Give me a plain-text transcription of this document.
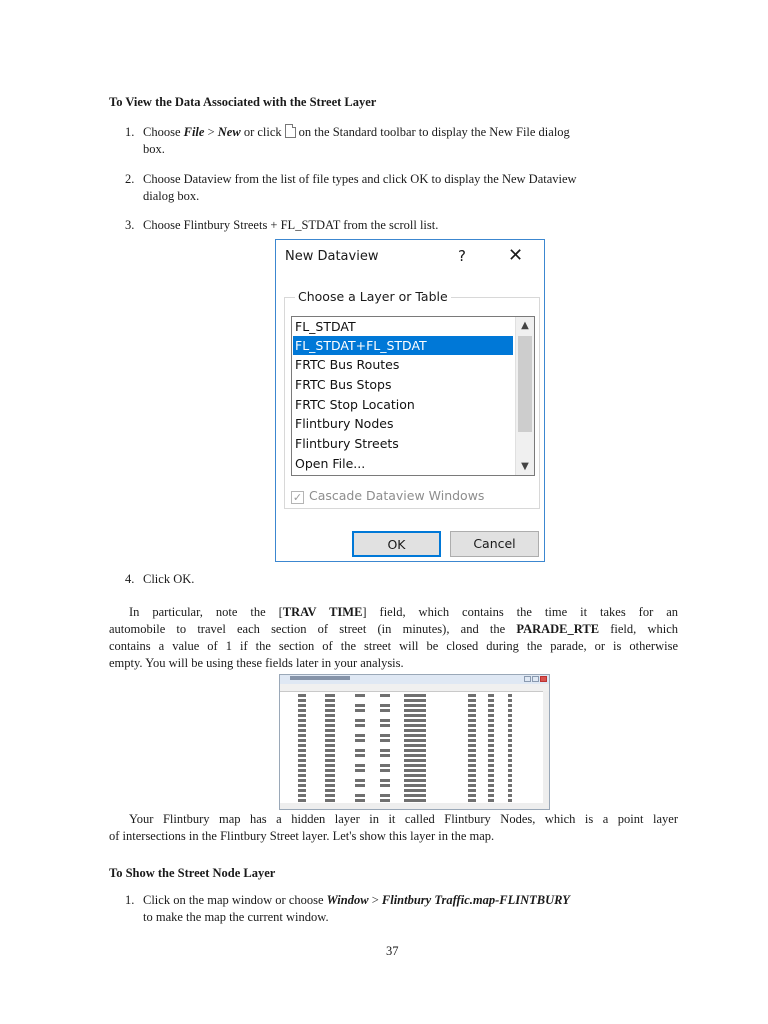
To View the Data Associated with the Street Layer
1. Choose File > New or click on the Standard toolbar to display the New File dialog
box.
2. Choose Dataview from the list of file types and click OK to display the New Dataview
dialog box.
3. Choose Flintbury Streets + FL_STDAT from the scroll list.
New Dataview	? ✕
Choose a Layer or Table
FL_STDAT
FL_STDAT+FL_STDAT
FRTC Bus Routes
FRTC Bus Stops
FRTC Stop Location
Flintbury Nodes
Flintbury Streets
Open File...
▲
▼
✓ Cascade Dataview Windows
OK	Cancel
4. Click OK.
In particular, note the [TRAV TIME] field, which contains the time it takes for an
automobile to travel each section of street (in minutes), and the PARADE_RTE field, which
contains a value of 1 if the section of the street will be closed during the parade, or is otherwise
empty. You will be using these fields later in your analysis.
Your Flintbury map has a hidden layer in it called Flintbury Nodes, which is a point layer
of intersections in the Flintbury Street layer. Let's show this layer in the map.
To Show the Street Node Layer
1. Click on the map window or choose Window > Flintbury Traffic.map-FLINTBURY
to make the map the current window.
37
